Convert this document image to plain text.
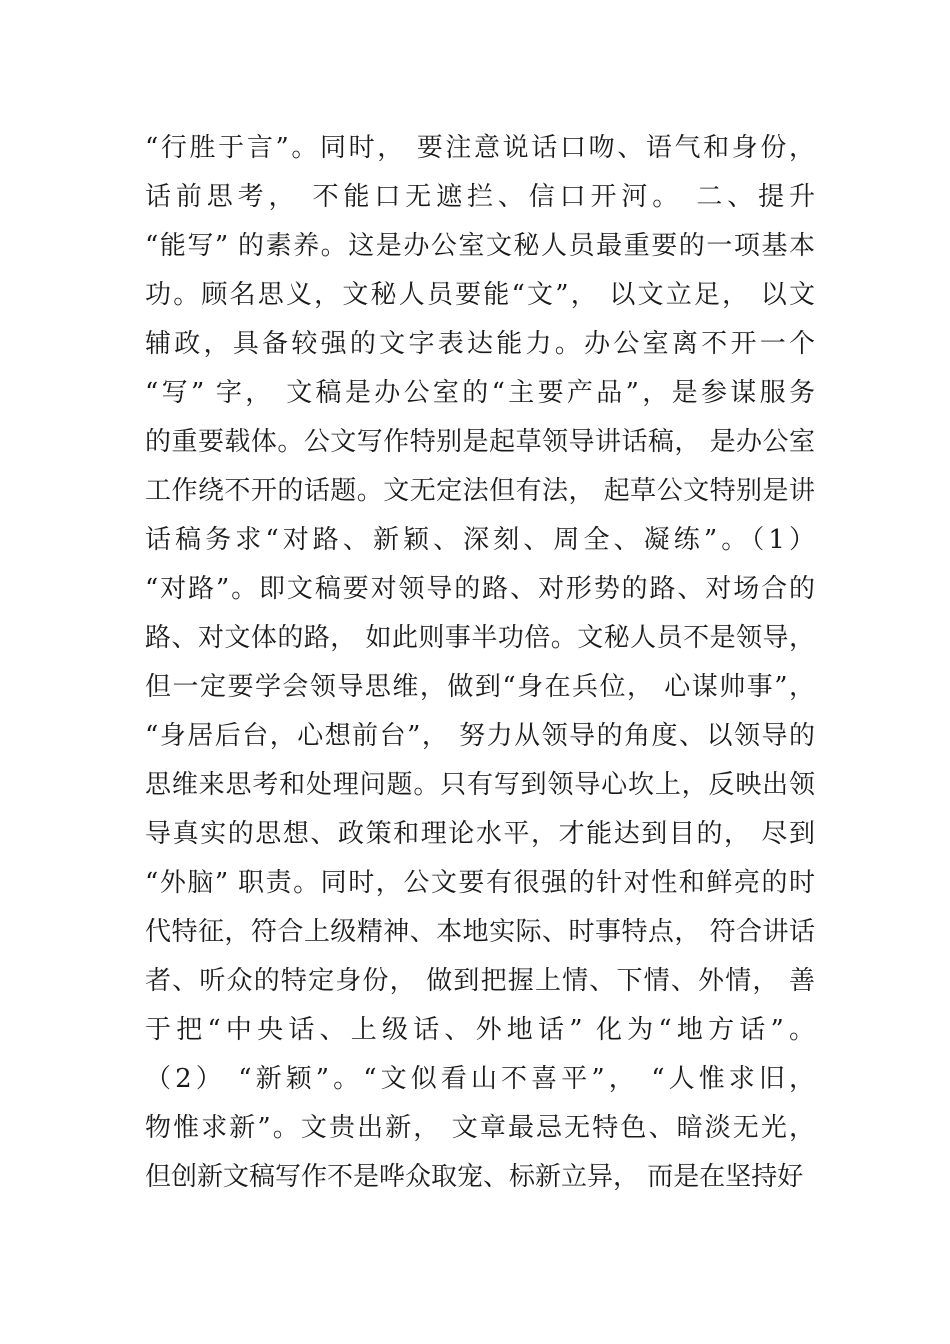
“行胜于言”。同时， 要注意说话口吻、语气和身份，
话前思考， 不能口无遮拦、信口开河。 二、提升
“能写” 的素养。这是办公室文秘人员最重要的一项基本
功。顾名思义，文秘人员要能“文”， 以文立足， 以文
辅政，具备较强的文字表达能力。办公室离不开一个
“写” 字， 文稿是办公室的“主要产品”，是参谋服务
的重要载体。公文写作特别是起草领导讲话稿， 是办公室
工作绕不开的话题。文无定法但有法， 起草公文特别是讲
话稿务求“对路、新颖、深刻、周全、凝练”。（1）
“对路”。即文稿要对领导的路、对形势的路、对场合的
路、对文体的路， 如此则事半功倍。文秘人员不是领导，
但一定要学会领导思维，做到“身在兵位， 心谋帅事”，
“身居后台，心想前台”， 努力从领导的角度、以领导的
思维来思考和处理问题。只有写到领导心坎上，反映出领
导真实的思想、政策和理论水平，才能达到目的， 尽到
“外脑” 职责。同时，公文要有很强的针对性和鲜亮的时
代特征，符合上级精神、本地实际、时事特点， 符合讲话
者、听众的特定身份， 做到把握上情、下情、外情， 善
于把“中央话、上级话、外地话” 化为“地方话”。
（2） “新颖”。“文似看山不喜平”， “人惟求旧，
物惟求新”。文贵出新， 文章最忌无特色、暗淡无光，
但创新文稿写作不是哗众取宠、标新立异， 而是在坚持好
